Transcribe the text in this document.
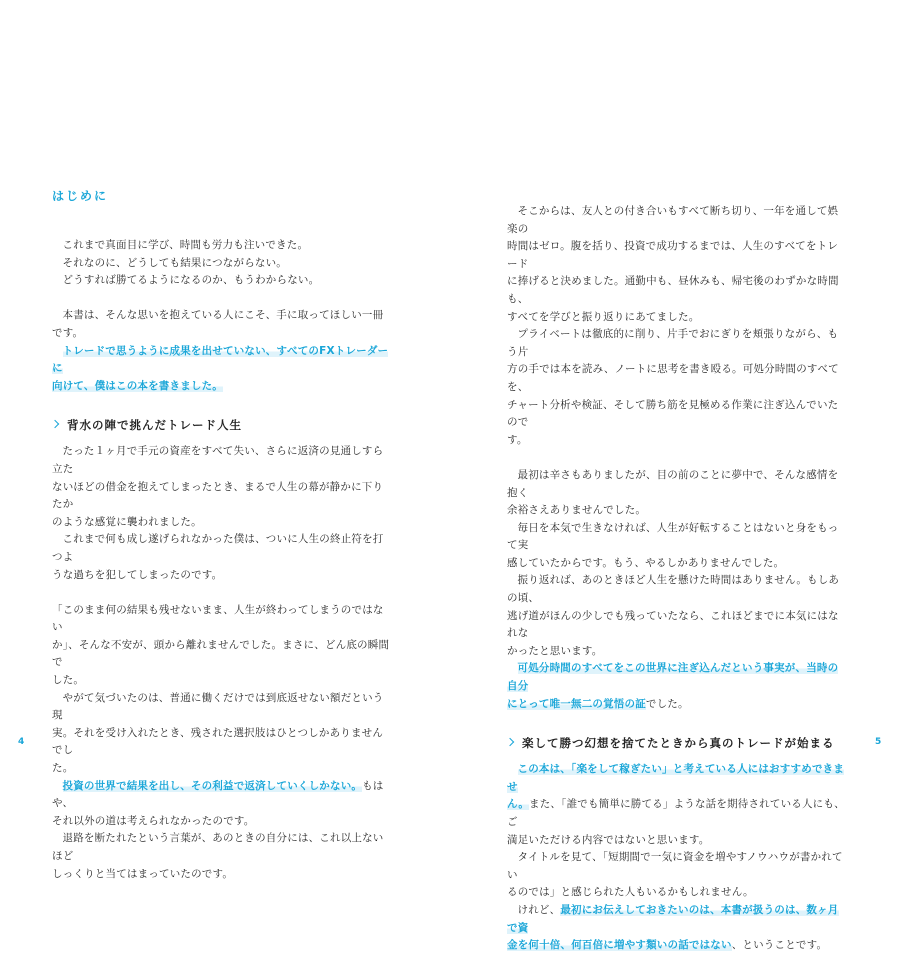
はじめに

これまで真面目に学び、時間も労力も注いできた。

それなのに、どうしても結果につながらない。

どうすれば勝てるようになるのか、もうわからない。

本書は、そんな思いを抱えている人にこそ、手に取ってほしい一冊です。
トレードで思うように成果を出せていない、すべてのFXトレーダーに
向けて、僕はこの本を書きました。

背水の陣で挑んだトレード人生

たった１ヶ月で手元の資産をすべて失い、さらに返済の見通しすら立た
ないほどの借金を抱えてしまったとき、まるで人生の幕が静かに下りたか
のような感覚に襲われました。

これまで何も成し遂げられなかった僕は、ついに人生の終止符を打つよ
うな過ちを犯してしまったのです。

「このまま何の結果も残せないまま、人生が終わってしまうのではない
か」、そんな不安が、頭から離れませんでした。まさに、どん底の瞬間で
した。

やがて気づいたのは、普通に働くだけでは到底返せない額だという現
実。それを受け入れたとき、残された選択肢はひとつしかありませんでし
た。

投資の世界で結果を出し、その利益で返済していくしかない。もはや、
それ以外の道は考えられなかったのです。

退路を断たれたという言葉が、あのときの自分には、これ以上ないほど
しっくりと当てはまっていたのです。

4

そこからは、友人との付き合いもすべて断ち切り、一年を通して娯楽の
時間はゼロ。腹を括り、投資で成功するまでは、人生のすべてをトレード
に捧げると決めました。通勤中も、昼休みも、帰宅後のわずかな時間も、
すべてを学びと振り返りにあてました。

プライベートは徹底的に削り、片手でおにぎりを頬張りながら、もう片
方の手では本を読み、ノートに思考を書き殴る。可処分時間のすべてを、
チャート分析や検証、そして勝ち筋を見極める作業に注ぎ込んでいたので
す。

最初は辛さもありましたが、目の前のことに夢中で、そんな感情を抱く
余裕さえありませんでした。

毎日を本気で生きなければ、人生が好転することはないと身をもって実
感していたからです。もう、やるしかありませんでした。

振り返れば、あのときほど人生を懸けた時間はありません。もしあの頃、
逃げ道がほんの少しでも残っていたなら、これほどまでに本気にはなれな
かったと思います。

可処分時間のすべてをこの世界に注ぎ込んだという事実が、当時の自分
にとって唯一無二の覚悟の証でした。

楽して勝つ幻想を捨てたときから真のトレードが始まる

この本は、「楽をして稼ぎたい」と考えている人にはおすすめできませ
ん。また、「誰でも簡単に勝てる」ような話を期待されている人にも、ご
満足いただける内容ではないと思います。

タイトルを見て、「短期間で一気に資金を増やすノウハウが書かれてい
るのでは」と感じられた人もいるかもしれません。

けれど、最初にお伝えしておきたいのは、本書が扱うのは、数ヶ月で資
金を何十倍、何百倍に増やす類いの話ではない、ということです。

5
